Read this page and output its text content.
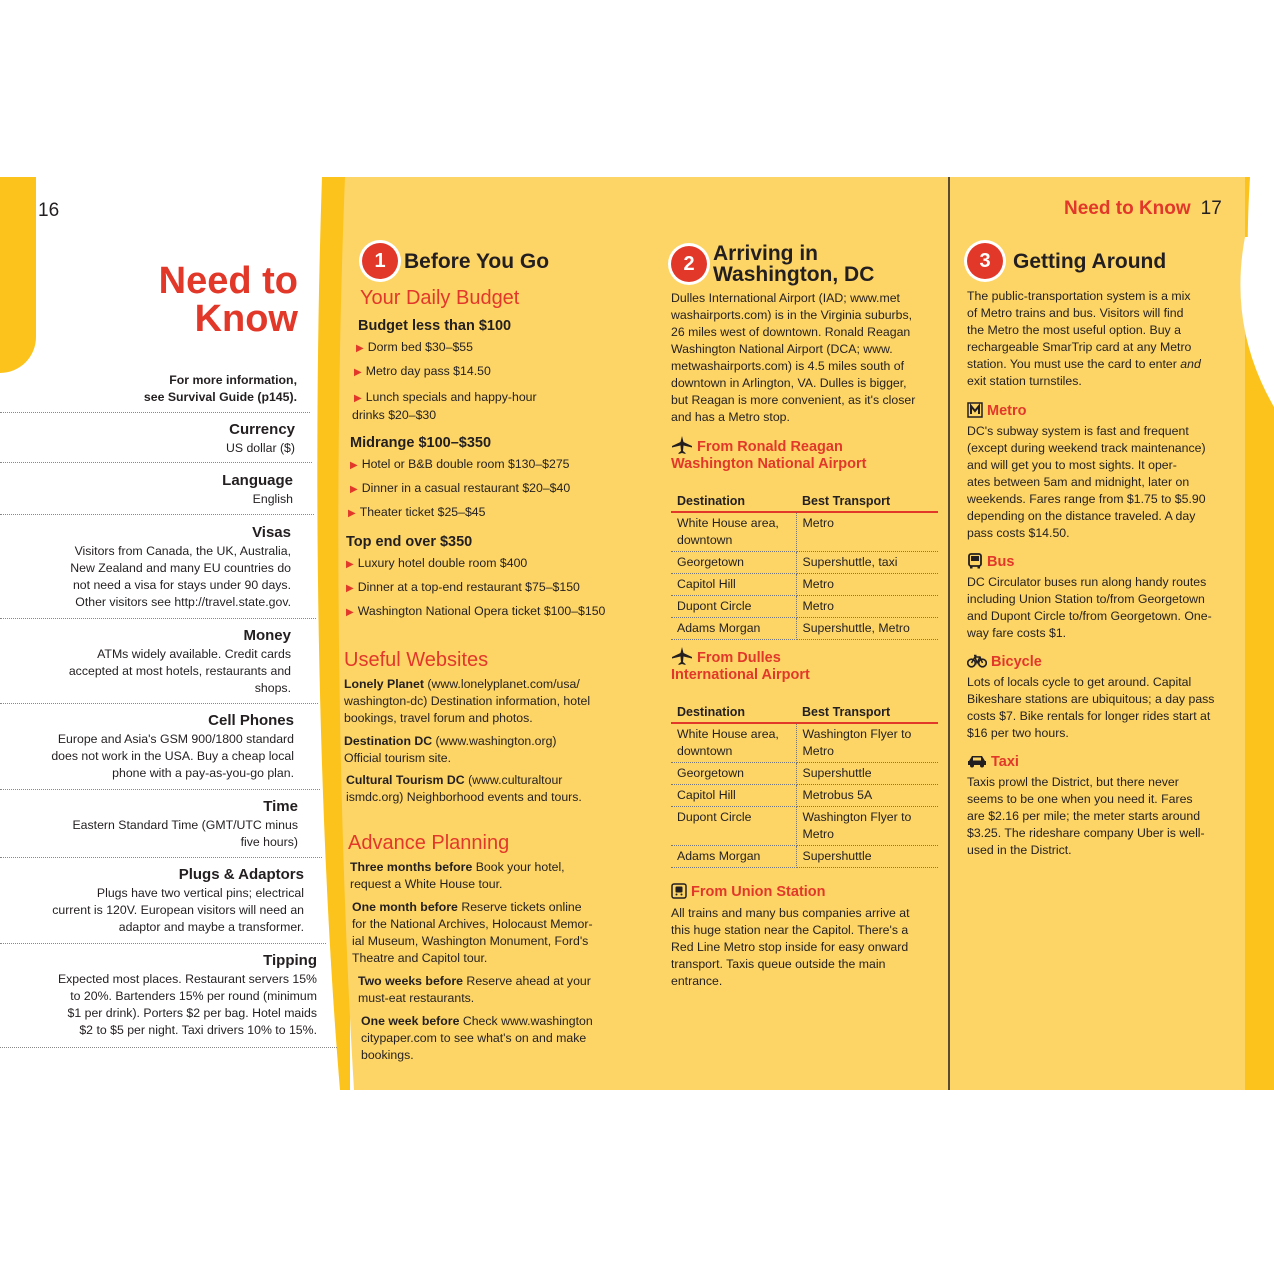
16
Need to
Know
For more information,
see Survival Guide (p145).
Currency
US dollar ($)
Language
English
Visas
Visitors from Canada, the UK, Australia,
New Zealand and many EU countries do
not need a visa for stays under 90 days.
Other visitors see http://travel.state.gov.
Money
ATMs widely available. Credit cards
accepted at most hotels, restaurants and
shops.
Cell Phones
Europe and Asia's GSM 900/1800 standard
does not work in the USA. Buy a cheap local
phone with a pay-as-you-go plan.
Time
Eastern Standard Time (GMT/UTC minus
five hours)
Plugs & Adaptors
Plugs have two vertical pins; electrical
current is 120V. European visitors will need an
adaptor and maybe a transformer.
Tipping
Expected most places. Restaurant servers 15%
to 20%. Bartenders 15% per round (minimum
$1 per drink). Porters $2 per bag. Hotel maids
$2 to $5 per night. Taxi drivers 10% to 15%.
1 Before You Go
Your Daily Budget
Budget less than $100
▶ Dorm bed $30–$55
▶ Metro day pass $14.50
▶ Lunch specials and happy-hour
drinks $20–$30
Midrange $100–$350
▶ Hotel or B&B double room $130–$275
▶ Dinner in a casual restaurant $20–$40
▶ Theater ticket $25–$45
Top end over $350
▶ Luxury hotel double room $400
▶ Dinner at a top-end restaurant $75–$150
▶ Washington National Opera ticket $100–$150
Useful Websites
Lonely Planet (www.lonelyplanet.com/usa/
washington-dc) Destination information, hotel
bookings, travel forum and photos.
Destination DC (www.washington.org)
Official tourism site.
Cultural Tourism DC (www.culturaltour
ismdc.org) Neighborhood events and tours.
Advance Planning
Three months before Book your hotel,
request a White House tour.
One month before Reserve tickets online
for the National Archives, Holocaust Memor-
ial Museum, Washington Monument, Ford's
Theatre and Capitol tour.
Two weeks before Reserve ahead at your
must-eat restaurants.
One week before Check www.washington
citypaper.com to see what's on and make
bookings.
2 Arriving in
Washington, DC
Dulles International Airport (IAD; www.met
washairports.com) is in the Virginia suburbs,
26 miles west of downtown. Ronald Reagan
Washington National Airport (DCA; www.
metwashairports.com) is 4.5 miles south of
downtown in Arlington, VA. Dulles is bigger,
but Reagan is more convenient, as it's closer
and has a Metro stop.
From Ronald Reagan
Washington National Airport
Destination	Best Transport
White House area, downtown	Metro
Georgetown	Supershuttle, taxi
Capitol Hill	Metro
Dupont Circle	Metro
Adams Morgan	Supershuttle, Metro
From Dulles
International Airport
Destination	Best Transport
White House area, downtown	Washington Flyer to Metro
Georgetown	Supershuttle
Capitol Hill	Metrobus 5A
Dupont Circle	Washington Flyer to Metro
Adams Morgan	Supershuttle
From Union Station
All trains and many bus companies arrive at
this huge station near the Capitol. There's a
Red Line Metro stop inside for easy onward
transport. Taxis queue outside the main
entrance.
Need to Know 17
3	Getting Around
The public-transportation system is a mix
of Metro trains and bus. Visitors will find
the Metro the most useful option. Buy a
rechargeable SmarTrip card at any Metro
station. You must use the card to enter and
exit station turnstiles.
Metro
DC's subway system is fast and frequent
(except during weekend track maintenance)
and will get you to most sights. It oper-
ates between 5am and midnight, later on
weekends. Fares range from $1.75 to $5.90
depending on the distance traveled. A day
pass costs $14.50.
Bus
DC Circulator buses run along handy routes
including Union Station to/from Georgetown
and Dupont Circle to/from Georgetown. One-
way fare costs $1.
Bicycle
Lots of locals cycle to get around. Capital
Bikeshare stations are ubiquitous; a day pass
costs $7. Bike rentals for longer rides start at
$16 per two hours.
Taxi
Taxis prowl the District, but there never
seems to be one when you need it. Fares
are $2.16 per mile; the meter starts around
$3.25. The rideshare company Uber is well-
used in the District.
